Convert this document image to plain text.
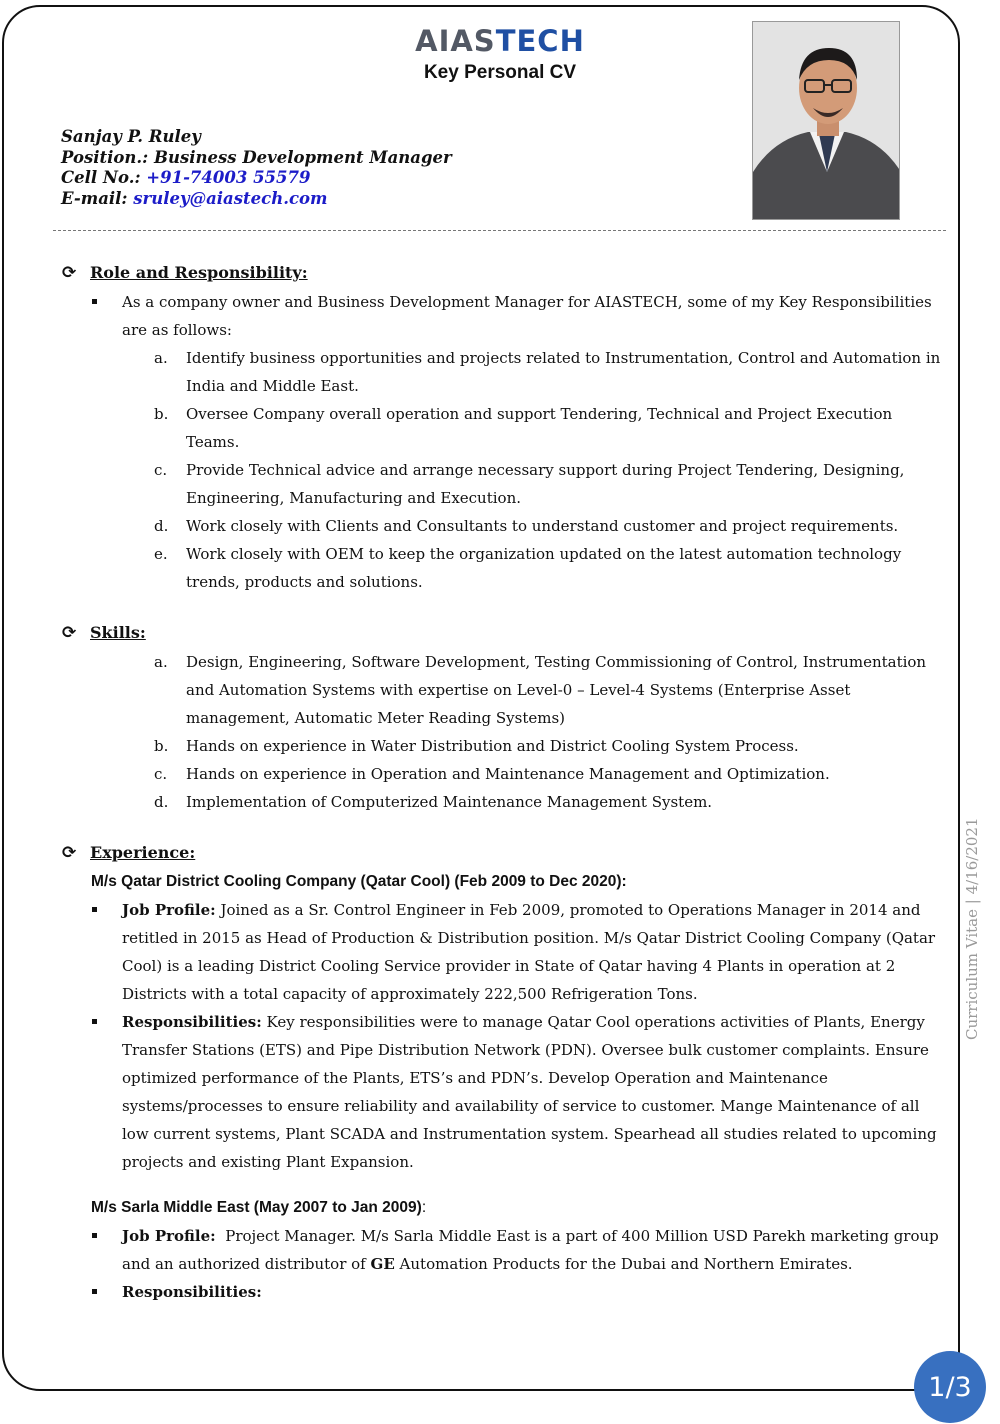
AIASTECH
Key Personal CV
Sanjay P. Ruley
Position.: Business Development Manager
Cell No.: +91-74003 55579
E-mail: sruley@aiastech.com
⟳ Role and Responsibility:
As a company owner and Business Development Manager for AIASTECH, some of my Key Responsibilities are as follows:
a. Identify business opportunities and projects related to Instrumentation, Control and Automation in India and Middle East.
b. Oversee Company overall operation and support Tendering, Technical and Project Execution Teams.
c. Provide Technical advice and arrange necessary support during Project Tendering, Designing, Engineering, Manufacturing and Execution.
d. Work closely with Clients and Consultants to understand customer and project requirements.
e. Work closely with OEM to keep the organization updated on the latest automation technology trends, products and solutions.
⟳ Skills:
a. Design, Engineering, Software Development, Testing Commissioning of Control, Instrumentation and Automation Systems with expertise on Level-0 – Level-4 Systems (Enterprise Asset management, Automatic Meter Reading Systems)
b. Hands on experience in Water Distribution and District Cooling System Process.
c. Hands on experience in Operation and Maintenance Management and Optimization.
d. Implementation of Computerized Maintenance Management System.
⟳ Experience:
M/s Qatar District Cooling Company (Qatar Cool) (Feb 2009 to Dec 2020):
Job Profile: Joined as a Sr. Control Engineer in Feb 2009, promoted to Operations Manager in 2014 and retitled in 2015 as Head of Production & Distribution position. M/s Qatar District Cooling Company (Qatar Cool) is a leading District Cooling Service provider in State of Qatar having 4 Plants in operation at 2 Districts with a total capacity of approximately 222,500 Refrigeration Tons.
Responsibilities: Key responsibilities were to manage Qatar Cool operations activities of Plants, Energy Transfer Stations (ETS) and Pipe Distribution Network (PDN). Oversee bulk customer complaints. Ensure optimized performance of the Plants, ETS’s and PDN’s. Develop Operation and Maintenance systems/processes to ensure reliability and availability of service to customer. Mange Maintenance of all low current systems, Plant SCADA and Instrumentation system. Spearhead all studies related to upcoming projects and existing Plant Expansion.
M/s Sarla Middle East (May 2007 to Jan 2009):
Job Profile: Project Manager. M/s Sarla Middle East is a part of 400 Million USD Parekh marketing group and an authorized distributor of GE Automation Products for the Dubai and Northern Emirates.
Responsibilities:
Curriculum Vitae | 4/16/2021
1/3
